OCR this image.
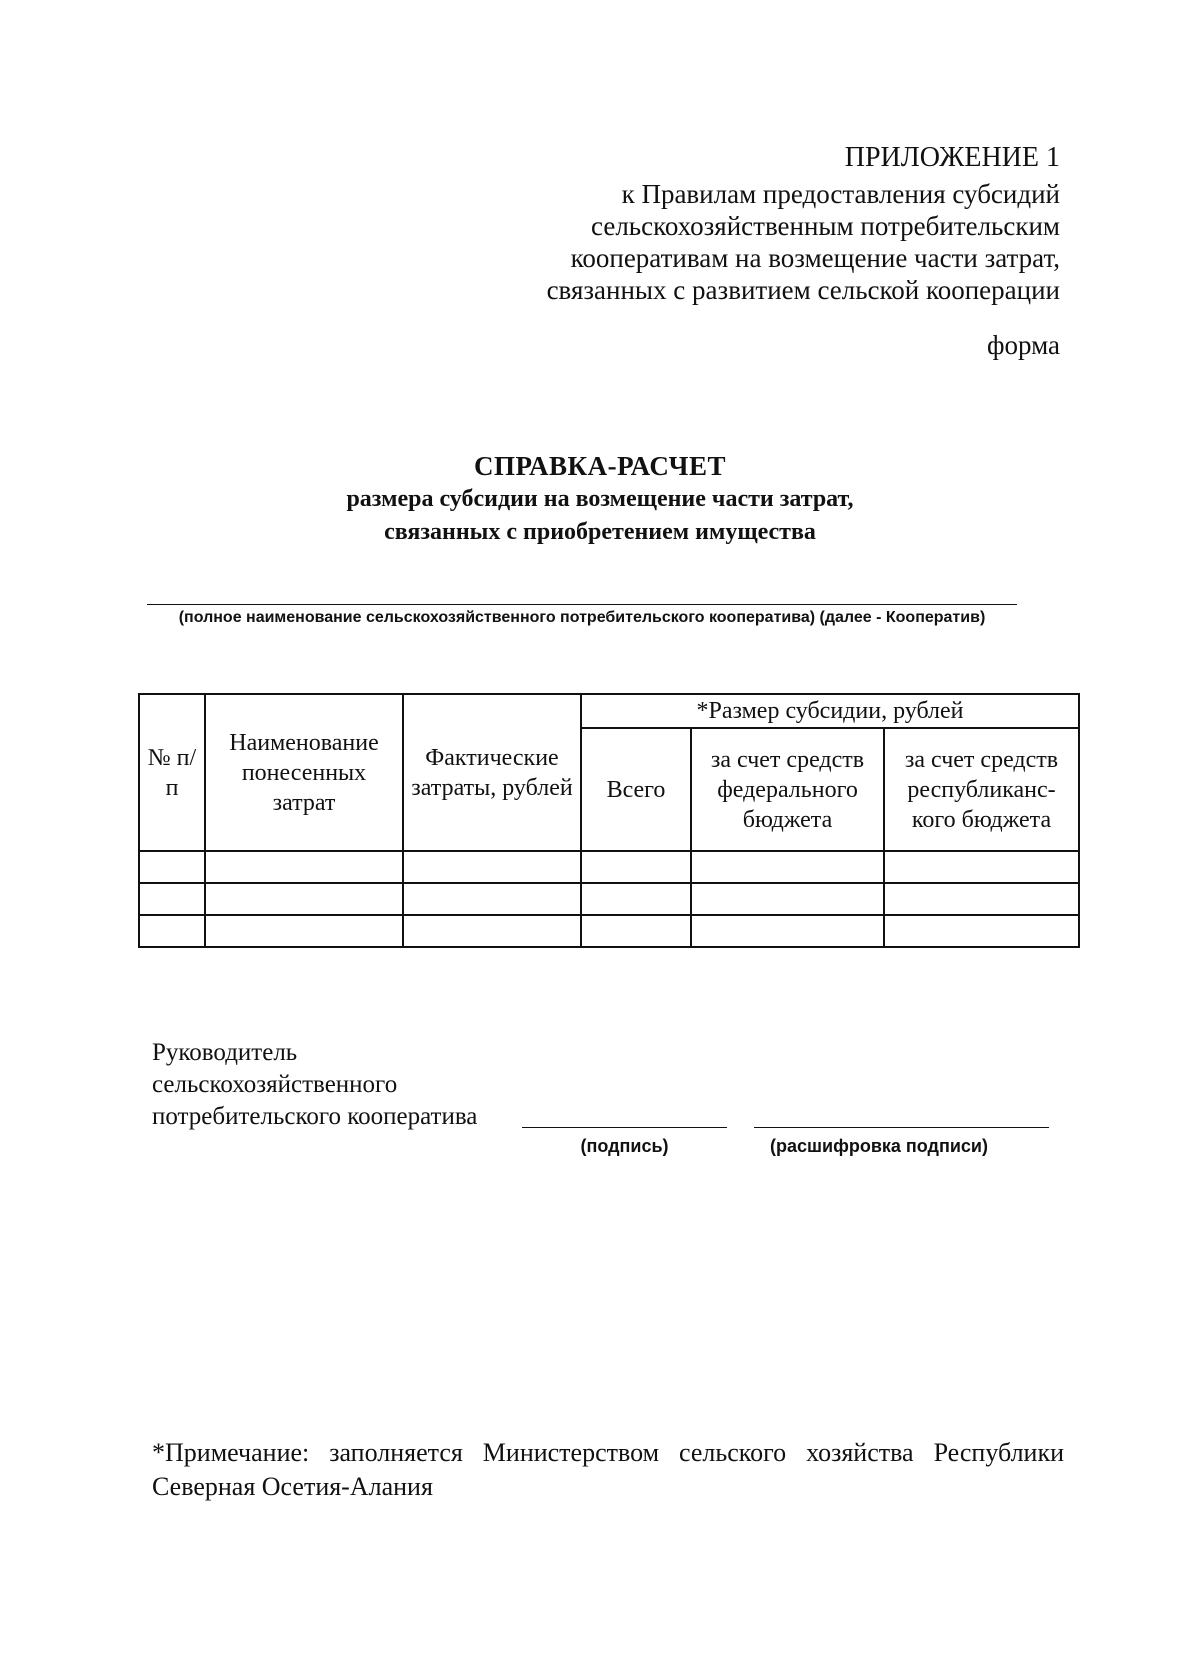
ПРИЛОЖЕНИЕ 1
к Правилам предоставления субсидий
сельскохозяйственным потребительским
кооперативам на возмещение части затрат,
связанных с развитием сельской кооперации
форма
СПРАВКА-РАСЧЕТ
размера субсидии на возмещение части затрат,
связанных с приобретением имущества
(полное наименование сельскохозяйственного потребительского кооператива) (далее - Кооператив)
№ п/п	Наименование понесенных затрат	Фактические затраты, рублей	*Размер субсидии, рублей		
			Всего	за счет средств федерального бюджета	за счет средств республиканс-кого бюджета

Руководитель
сельскохозяйственного
потребительского кооператива
(подпись)	(расшифровка подписи)
*Примечание: заполняется Министерством сельского хозяйства Республики Северная Осетия-Алания
